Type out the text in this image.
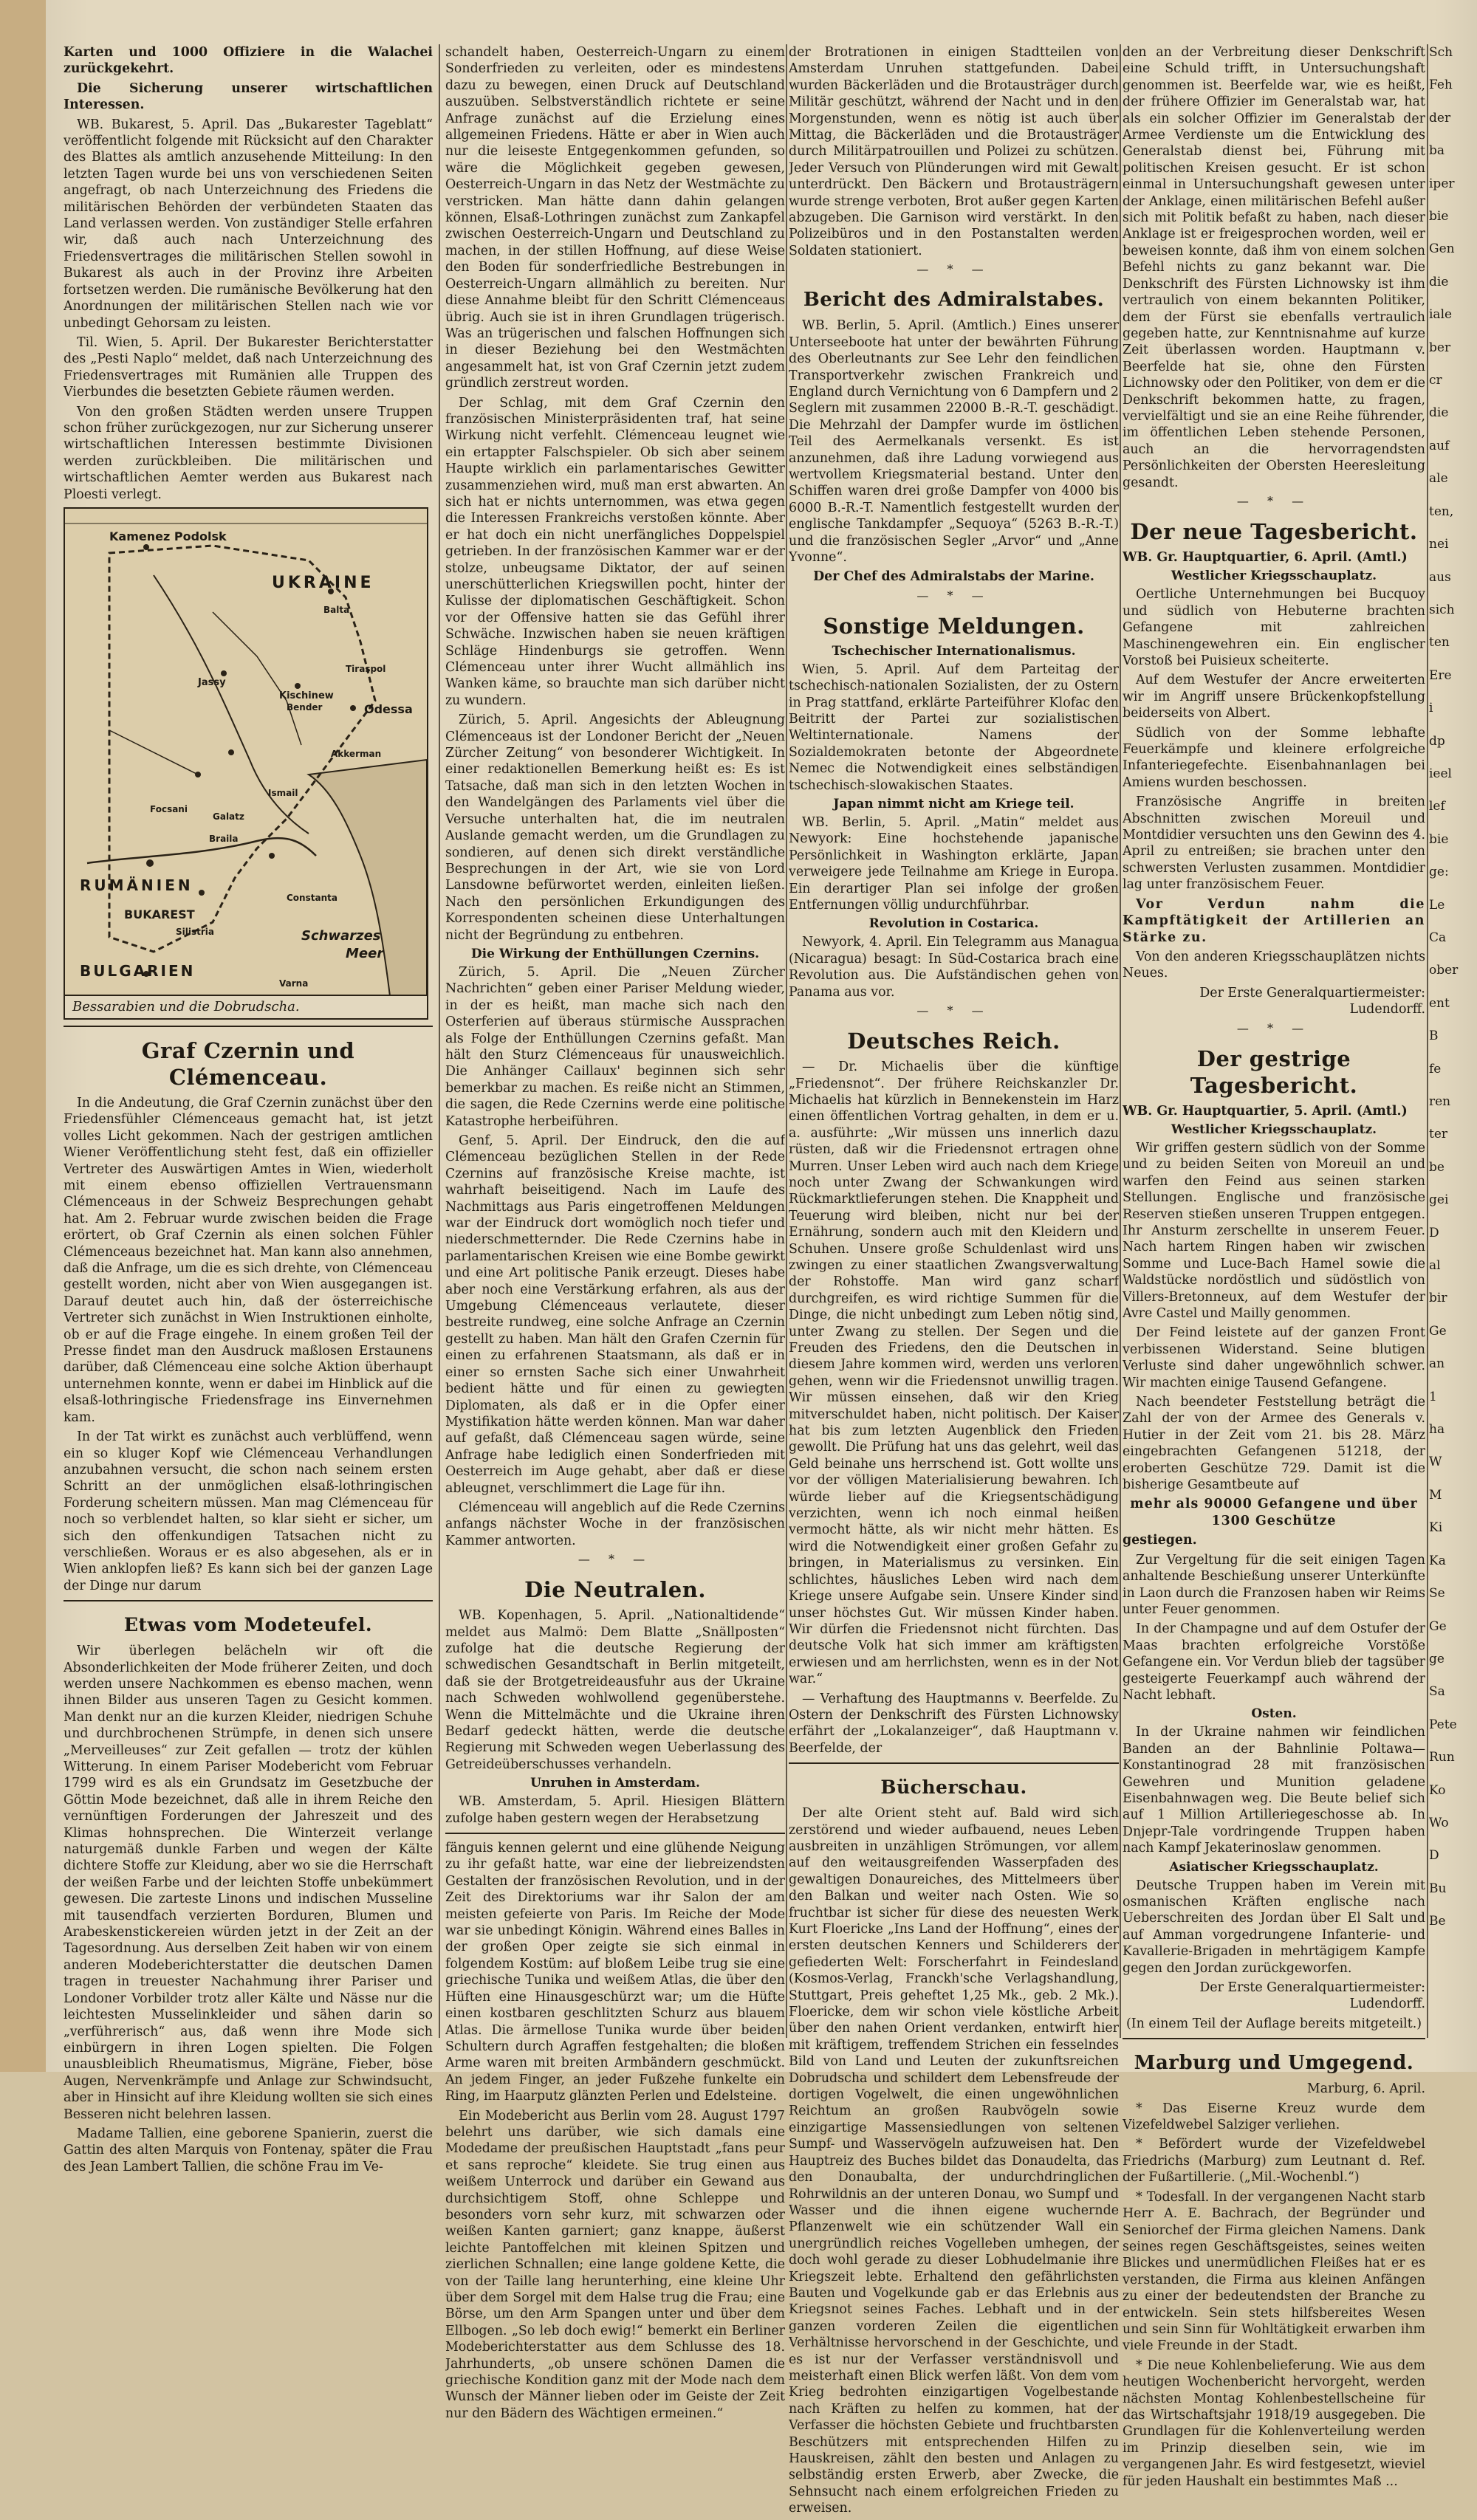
Karten und 1000 Offiziere in die Walachei zurückgekehrt.

Die Sicherung unserer wirtschaftlichen Interessen.

WB. Bukarest, 5. April. Das „Bukarester Tageblatt“ veröffentlicht folgende mit Rücksicht auf den Charakter des Blattes als amtlich anzusehende Mitteilung: In den letzten Tagen wurde bei uns von verschiedenen Seiten angefragt, ob nach Unterzeichnung des Friedens die militärischen Behörden der verbündeten Staaten das Land verlassen werden. Von zuständiger Stelle erfahren wir, daß auch nach Unterzeichnung des Friedensvertrages die militärischen Stellen sowohl in Bukarest als auch in der Provinz ihre Arbeiten fortsetzen werden. Die rumänische Bevölkerung hat den Anordnungen der militärischen Stellen nach wie vor unbedingt Gehorsam zu leisten.

Til. Wien, 5. April. Der Bukarester Berichterstatter des „Pesti Naplo“ meldet, daß nach Unterzeichnung des Friedensvertrages mit Rumänien alle Truppen des Vierbundes die besetzten Gebiete räumen werden.

Von den großen Städten werden unsere Truppen schon früher zurückgezogen, nur zur Sicherung unserer wirtschaftlichen Interessen bestimmte Divisionen werden zurückbleiben. Die militärischen und wirtschaftlichen Aemter werden aus Bukarest nach Ploesti verlegt.

Kamenez Podolsk
UKRAINE
Balta
Jassy
Kischinew
Bender
Tiraspol
Odessa
Akkerman
Ismail
Galatz
Braila
Focsani
RUMÄNIEN
BUKAREST
Constanta
Silistria	Schwarzes
Meer
BULGARIEN
Varna
Bessarabien und die Dobrudscha.
Graf Czernin und Clémenceau.

In die Andeutung, die Graf Czernin zunächst über den Friedensfühler Clémenceaus gemacht hat, ist jetzt volles Licht gekommen. Nach der gestrigen amtlichen Wiener Veröffentlichung steht fest, daß ein offizieller Vertreter des Auswärtigen Amtes in Wien, wiederholt mit einem ebenso offiziellen Vertrauensmann Clémenceaus in der Schweiz Besprechungen gehabt hat. Am 2. Februar wurde zwischen beiden die Frage erörtert, ob Graf Czernin als einen solchen Fühler Clémenceaus bezeichnet hat. Man kann also annehmen, daß die Anfrage, um die es sich drehte, von Clémenceau gestellt worden, nicht aber von Wien ausgegangen ist. Darauf deutet auch hin, daß der österreichische Vertreter sich zunächst in Wien Instruktionen einholte, ob er auf die Frage eingehe. In einem großen Teil der Presse findet man den Ausdruck maßlosen Erstaunens darüber, daß Clémenceau eine solche Aktion überhaupt unternehmen konnte, wenn er dabei im Hinblick auf die elsaß-lothringische Friedensfrage ins Einvernehmen kam.

In der Tat wirkt es zunächst auch verblüffend, wenn ein so kluger Kopf wie Clémenceau Verhandlungen anzubahnen versucht, die schon nach seinem ersten Schritt an der unmöglichen elsaß-lothringischen Forderung scheitern müssen. Man mag Clémenceau für noch so verblendet halten, so klar sieht er sicher, um sich den offenkundigen Tatsachen nicht zu verschließen. Woraus er es also abgesehen, als er in Wien anklopfen ließ? Es kann sich bei der ganzen Lage der Dinge nur darum

Etwas vom Modeteufel.

Wir überlegen belächeln wir oft die Absonderlichkeiten der Mode früherer Zeiten, und doch werden unsere Nachkommen es ebenso machen, wenn ihnen Bilder aus unseren Tagen zu Gesicht kommen. Man denkt nur an die kurzen Kleider, niedrigen Schuhe und durchbrochenen Strümpfe, in denen sich unsere „Merveilleuses“ zur Zeit gefallen — trotz der kühlen Witterung. In einem Pariser Modebericht vom Februar 1799 wird es als ein Grundsatz im Gesetzbuche der Göttin Mode bezeichnet, daß alle in ihrem Reiche den vernünftigen Forderungen der Jahreszeit und des Klimas hohnsprechen. Die Winterzeit verlange naturgemäß dunkle Farben und wegen der Kälte dichtere Stoffe zur Kleidung, aber wo sie die Herrschaft der weißen Farbe und der leichten Stoffe unbekümmert gewesen. Die zarteste Linons und indischen Musseline mit tausendfach verzierten Borduren, Blumen und Arabeskenstickereien würden jetzt in der Zeit an der Tagesordnung. Aus derselben Zeit haben wir von einem anderen Modeberichterstatter die deutschen Damen tragen in treuester Nachahmung ihrer Pariser und Londoner Vorbilder trotz aller Kälte und Nässe nur die leichtesten Musselinkleider und sähen darin so „verführerisch“ aus, daß wenn ihre Mode sich einbürgern in ihren Logen spielten. Die Folgen unausbleiblich Rheumatismus, Migräne, Fieber, böse Augen, Nervenkrämpfe und Anlage zur Schwindsucht, aber in Hinsicht auf ihre Kleidung wollten sie sich eines Besseren nicht belehren lassen.

Madame Tallien, eine geborene Spanierin, zuerst die Gattin des alten Marquis von Fontenay, später die Frau des Jean Lambert Tallien, die schöne Frau im Ve-

schandelt haben, Oesterreich-Ungarn zu einem Sonderfrieden zu verleiten, oder es mindestens dazu zu bewegen, einen Druck auf Deutschland auszuüben. Selbstverständlich richtete er seine Anfrage zunächst auf die Erzielung eines allgemeinen Friedens. Hätte er aber in Wien auch nur die leiseste Entgegenkommen gefunden, so wäre die Möglichkeit gegeben gewesen, Oesterreich-Ungarn in das Netz der Westmächte zu verstricken. Man hätte dann dahin gelangen können, Elsaß-Lothringen zunächst zum Zankapfel zwischen Oesterreich-Ungarn und Deutschland zu machen, in der stillen Hoffnung, auf diese Weise den Boden für sonderfriedliche Bestrebungen in Oesterreich-Ungarn allmählich zu bereiten. Nur diese Annahme bleibt für den Schritt Clémenceaus übrig. Auch sie ist in ihren Grundlagen trügerisch. Was an trügerischen und falschen Hoffnungen sich in dieser Beziehung bei den Westmächten angesammelt hat, ist von Graf Czernin jetzt zudem gründlich zerstreut worden.

Der Schlag, mit dem Graf Czernin den französischen Ministerpräsidenten traf, hat seine Wirkung nicht verfehlt. Clémenceau leugnet wie ein ertappter Falschspieler. Ob sich aber seinem Haupte wirklich ein parlamentarisches Gewitter zusammenziehen wird, muß man erst abwarten. An sich hat er nichts unternommen, was etwa gegen die Interessen Frankreichs verstoßen könnte. Aber er hat doch ein nicht unerfängliches Doppelspiel getrieben. In der französischen Kammer war er der stolze, unbeugsame Diktator, der auf seinen unerschütterlichen Kriegswillen pocht, hinter der Kulisse der diplomatischen Geschäftigkeit. Schon vor der Offensive hatten sie das Gefühl ihrer Schwäche. Inzwischen haben sie neuen kräftigen Schläge Hindenburgs sie getroffen. Wenn Clémenceau unter ihrer Wucht allmählich ins Wanken käme, so brauchte man sich darüber nicht zu wundern.

Zürich, 5. April. Angesichts der Ableugnung Clémenceaus ist der Londoner Bericht der „Neuen Zürcher Zeitung“ von besonderer Wichtigkeit. In einer redaktionellen Bemerkung heißt es: Es ist Tatsache, daß man sich in den letzten Wochen in den Wandelgängen des Parlaments viel über die Versuche unterhalten hat, die im neutralen Auslande gemacht werden, um die Grundlagen zu sondieren, auf denen sich direkt verständliche Besprechungen in der Art, wie sie von Lord Lansdowne befürwortet werden, einleiten ließen. Nach den persönlichen Erkundigungen des Korrespondenten scheinen diese Unterhaltungen nicht der Begründung zu entbehren.

Die Wirkung der Enthüllungen Czernins.

Zürich, 5. April. Die „Neuen Zürcher Nachrichten“ geben einer Pariser Meldung wieder, in der es heißt, man mache sich nach den Osterferien auf überaus stürmische Aussprachen als Folge der Enthüllungen Czernins gefaßt. Man hält den Sturz Clémenceaus für unausweichlich. Die Anhänger Caillaux' beginnen sich sehr bemerkbar zu machen. Es reiße nicht an Stimmen, die sagen, die Rede Czernins werde eine politische Katastrophe herbeiführen.

Genf, 5. April. Der Eindruck, den die auf Clémenceau bezüglichen Stellen in der Rede Czernins auf französische Kreise machte, ist wahrhaft beiseitigend. Nach im Laufe des Nachmittags aus Paris eingetroffenen Meldungen war der Eindruck dort womöglich noch tiefer und niederschmetternder. Die Rede Czernins habe in parlamentarischen Kreisen wie eine Bombe gewirkt und eine Art politische Panik erzeugt. Dieses habe aber noch eine Verstärkung erfahren, als aus der Umgebung Clémenceaus verlautete, dieser bestreite rundweg, eine solche Anfrage an Czernin gestellt zu haben. Man hält den Grafen Czernin für einen zu erfahrenen Staatsmann, als daß er in einer so ernsten Sache sich einer Unwahrheit bedient hätte und für einen zu gewiegten Diplomaten, als daß er in die Opfer einer Mystifikation hätte werden können. Man war daher auf gefaßt, daß Clémenceau sagen würde, seine Anfrage habe lediglich einen Sonderfrieden mit Oesterreich im Auge gehabt, aber daß er diese ableugnet, verschlimmert die Lage für ihn.

Clémenceau will angeblich auf die Rede Czernins anfangs nächster Woche in der französischen Kammer antworten.

— * —
Die Neutralen.

WB. Kopenhagen, 5. April. „Nationaltidende“ meldet aus Malmö: Dem Blatte „Snällposten“ zufolge hat die deutsche Regierung der schwedischen Gesandtschaft in Berlin mitgeteilt, daß sie der Brotgetreideausfuhr aus der Ukraine nach Schweden wohlwollend gegenüberstehe. Wenn die Mittelmächte und die Ukraine ihren Bedarf gedeckt hätten, werde die deutsche Regierung mit Schweden wegen Ueberlassung des Getreideüberschusses verhandeln.

Unruhen in Amsterdam.

WB. Amsterdam, 5. April. Hiesigen Blättern zufolge haben gestern wegen der Herabsetzung

fänguis kennen gelernt und eine glühende Neigung zu ihr gefaßt hatte, war eine der liebreizendsten Gestalten der französischen Revolution, und in der Zeit des Direktoriums war ihr Salon der am meisten gefeierte von Paris. Im Reiche der Mode war sie unbedingt Königin. Während eines Balles in der großen Oper zeigte sie sich einmal in folgendem Kostüm: auf bloßem Leibe trug sie eine griechische Tunika und weißem Atlas, die über den Hüften eine Hinausgeschürzt war; um die Hüfte einen kostbaren geschlitzten Schurz aus blauem Atlas. Die ärmellose Tunika wurde über beiden Schultern durch Agraffen festgehalten; die bloßen Arme waren mit breiten Armbändern geschmückt. An jedem Finger, an jeder Fußzehe funkelte ein Ring, im Haarputz glänzten Perlen und Edelsteine.

Ein Modebericht aus Berlin vom 28. August 1797 belehrt uns darüber, wie sich damals eine Modedame der preußischen Hauptstadt „fans peur et sans reproche“ kleidete. Sie trug einen aus weißem Unterrock und darüber ein Gewand aus durchsichtigem Stoff, ohne Schleppe und besonders vorn sehr kurz, mit schwarzen oder weißen Kanten garniert; ganz knappe, äußerst leichte Pantoffelchen mit kleinen Spitzen und zierlichen Schnallen; eine lange goldene Kette, die von der Taille lang herunterhing, eine kleine Uhr über dem Sorgel mit dem Halse trug die Frau; eine Börse, um den Arm Spangen unter und über dem Ellbogen. „So leb doch ewig!“ bemerkt ein Berliner Modeberichterstatter aus dem Schlusse des 18. Jahrhunderts, „ob unsere schönen Damen die griechische Kondition ganz mit der Mode nach dem Wunsch der Männer lieben oder im Geiste der Zeit nur den Bädern des Wächtigen ermeinen.“

der Brotrationen in einigen Stadtteilen von Amsterdam Unruhen stattgefunden. Dabei wurden Bäckerläden und die Brotausträger durch Militär geschützt, während der Nacht und in den Morgenstunden, wenn es nötig ist auch über Mittag, die Bäckerläden und die Brotausträger durch Militärpatrouillen und Polizei zu schützen. Jeder Versuch von Plünderungen wird mit Gewalt unterdrückt. Den Bäckern und Brotausträgern wurde strenge verboten, Brot außer gegen Karten abzugeben. Die Garnison wird verstärkt. In den Polizeibüros und in den Postanstalten werden Soldaten stationiert.

— * —
Bericht des Admiralstabes.

WB. Berlin, 5. April. (Amtlich.) Eines unserer Unterseeboote hat unter der bewährten Führung des Oberleutnants zur See Lehr den feindlichen Transportverkehr zwischen Frankreich und England durch Vernichtung von 6 Dampfern und 2 Seglern mit zusammen 22000 B.-R.-T. geschädigt. Die Mehrzahl der Dampfer wurde im östlichen Teil des Aermelkanals versenkt. Es ist anzunehmen, daß ihre Ladung vorwiegend aus wertvollem Kriegsmaterial bestand. Unter den Schiffen waren drei große Dampfer von 4000 bis 6000 B.-R.-T. Namentlich festgestellt wurden der englische Tankdampfer „Sequoya“ (5263 B.-R.-T.) und die französischen Segler „Arvor“ und „Anne Yvonne“.

Der Chef des Admiralstabs der Marine.

— * —
Sonstige Meldungen.
Tschechischer Internationalismus.

Wien, 5. April. Auf dem Parteitag der tschechisch-nationalen Sozialisten, der zu Ostern in Prag stattfand, erklärte Parteiführer Klofac den Beitritt der Partei zur sozialistischen Weltinternationale. Namens der Sozialdemokraten betonte der Abgeordnete Nemec die Notwendigkeit eines selbständigen tschechisch-slowakischen Staates.

Japan nimmt nicht am Kriege teil.

WB. Berlin, 5. April. „Matin“ meldet aus Newyork: Eine hochstehende japanische Persönlichkeit in Washington erklärte, Japan verweigere jede Teilnahme am Kriege in Europa. Ein derartiger Plan sei infolge der großen Entfernungen völlig undurchführbar.

Revolution in Costarica.

Newyork, 4. April. Ein Telegramm aus Managua (Nicaragua) besagt: In Süd-Costarica brach eine Revolution aus. Die Aufständischen gehen von Panama aus vor.

— * —
Deutsches Reich.

— Dr. Michaelis über die künftige „Friedensnot“. Der frühere Reichskanzler Dr. Michaelis hat kürzlich in Bennekenstein im Harz einen öffentlichen Vortrag gehalten, in dem er u. a. ausführte: „Wir müssen uns innerlich dazu rüsten, daß wir die Friedensnot ertragen ohne Murren. Unser Leben wird auch nach dem Kriege noch unter Zwang der Schwankungen wird Rückmarktlieferungen stehen. Die Knappheit und Teuerung wird bleiben, nicht nur bei der Ernährung, sondern auch mit den Kleidern und Schuhen. Unsere große Schuldenlast wird uns zwingen zu einer staatlichen Zwangsverwaltung der Rohstoffe. Man wird ganz scharf durchgreifen, es wird richtige Summen für die Dinge, die nicht unbedingt zum Leben nötig sind, unter Zwang zu stellen. Der Segen und die Freuden des Friedens, den die Deutschen in diesem Jahre kommen wird, werden uns verloren gehen, wenn wir die Friedensnot unwillig tragen. Wir müssen einsehen, daß wir den Krieg mitverschuldet haben, nicht politisch. Der Kaiser hat bis zum letzten Augenblick den Frieden gewollt. Die Prüfung hat uns das gelehrt, weil das Geld beinahe uns herrschend ist. Gott wollte uns vor der völligen Materialisierung bewahren. Ich würde lieber auf die Kriegsentschädigung verzichten, wenn ich noch einmal heißen vermocht hätte, als wir nicht mehr hätten. Es wird die Notwendigkeit einer großen Gefahr zu bringen, in Materialismus zu versinken. Ein schlichtes, häusliches Leben wird nach dem Kriege unsere Aufgabe sein. Unsere Kinder sind unser höchstes Gut. Wir müssen Kinder haben. Wir dürfen die Friedensnot nicht fürchten. Das deutsche Volk hat sich immer am kräftigsten erwiesen und am herrlichsten, wenn es in der Not war.“

— Verhaftung des Hauptmanns v. Beerfelde. Zu Ostern der Denkschrift des Fürsten Lichnowsky erfährt der „Lokalanzeiger“, daß Hauptmann v. Beerfelde, der

Bücherschau.

Der alte Orient steht auf. Bald wird sich zerstörend und wieder aufbauend, neues Leben ausbreiten in unzähligen Strömungen, vor allem auf den weitausgreifenden Wasserpfaden des gewaltigen Donaureiches, des Mittelmeers über den Balkan und weiter nach Osten. Wie so fruchtbar ist sicher für diese des neuesten Werk Kurt Floericke „Ins Land der Hoffnung“, eines der ersten deutschen Kenners und Schilderers der gefiederten Welt: Forscherfahrt in Feindesland (Kosmos-Verlag, Franckh'sche Verlagshandlung, Stuttgart, Preis geheftet 1,25 Mk., geb. 2 Mk.). Floericke, dem wir schon viele köstliche Arbeit über den nahen Orient verdanken, entwirft hier mit kräftigem, treffendem Strichen ein fesselndes Bild von Land und Leuten der zukunftsreichen Dobrudscha und schildert dem Lebensfreude der dortigen Vogelwelt, die einen ungewöhnlichen Reichtum an großen Raubvögeln sowie einzigartige Massensiedlungen von seltenen Sumpf- und Wasservögeln aufzuweisen hat. Den Hauptreiz des Buches bildet das Donaudelta, das den Donaubalta, der undurchdringlichen Rohrwildnis an der unteren Donau, wo Sumpf und Wasser und die ihnen eigene wuchernde Pflanzenwelt wie ein schützender Wall ein unergründlich reiches Vogelleben umhegen, der doch wohl gerade zu dieser Lobhudelmanie ihre Kriegszeit lebte. Erhaltend den gefährlichsten Bauten und Vogelkunde gab er das Erlebnis aus Kriegsnot seines Faches. Lebhaft und in der ganzen vorderen Zeilen die eigentlichen Verhältnisse hervorschend in der Geschichte, und es ist nur der Verfasser verständnisvoll und meisterhaft einen Blick werfen läßt. Von dem vom Krieg bedrohten einzigartigen Vogelbestande nach Kräften zu helfen zu kommen, hat der Verfasser die höchsten Gebiete und fruchtbarsten Beschützers mit entsprechenden Hilfen zu Hauskreisen, zählt den besten und Anlagen zu selbständig ersten Erwerb, aber Zwecke, die Sehnsucht nach einem erfolgreichen Frieden zu erweisen.

den an der Verbreitung dieser Denkschrift eine Schuld trifft, in Untersuchungshaft genommen ist. Beerfelde war, wie es heißt, der frühere Offizier im Generalstab war, hat als ein solcher Offizier im Generalstab der Armee Verdienste um die Entwicklung des Generalstab dienst bei, Führung mit politischen Kreisen gesucht. Er ist schon einmal in Untersuchungshaft gewesen unter der Anklage, einen militärischen Befehl außer sich mit Politik befaßt zu haben, nach dieser Anklage ist er freigesprochen worden, weil er beweisen konnte, daß ihm von einem solchen Befehl nichts zu ganz bekannt war. Die Denkschrift des Fürsten Lichnowsky ist ihm vertraulich von einem bekannten Politiker, dem der Fürst sie ebenfalls vertraulich gegeben hatte, zur Kenntnisnahme auf kurze Zeit überlassen worden. Hauptmann v. Beerfelde hat sie, ohne den Fürsten Lichnowsky oder den Politiker, von dem er die Denkschrift bekommen hatte, zu fragen, vervielfältigt und sie an eine Reihe führender, im öffentlichen Leben stehende Personen, auch an die hervorragendsten Persönlichkeiten der Obersten Heeresleitung gesandt.

— * —
Der neue Tagesbericht.

WB. Gr. Hauptquartier, 6. April. (Amtl.)

Westlicher Kriegsschauplatz.

Oertliche Unternehmungen bei Bucquoy und südlich von Hebuterne brachten Gefangene mit zahlreichen Maschinengewehren ein. Ein englischer Vorstoß bei Puisieux scheiterte.

Auf dem Westufer der Ancre erweiterten wir im Angriff unsere Brückenkopfstellung beiderseits von Albert.

Südlich von der Somme lebhafte Feuerkämpfe und kleinere erfolgreiche Infanteriegefechte. Eisenbahnanlagen bei Amiens wurden beschossen.

Französische Angriffe in breiten Abschnitten zwischen Moreuil und Montdidier versuchten uns den Gewinn des 4. April zu entreißen; sie brachen unter den schwersten Verlusten zusammen. Montdidier lag unter französischem Feuer.

Vor Verdun nahm die Kampftätigkeit der Artillerien an Stärke zu.

Von den anderen Kriegsschauplätzen nichts Neues.

Der Erste Generalquartiermeister: Ludendorff.

— * —
Der gestrige Tagesbericht.

WB. Gr. Hauptquartier, 5. April. (Amtl.)

Westlicher Kriegsschauplatz.

Wir griffen gestern südlich von der Somme und zu beiden Seiten von Moreuil an und warfen den Feind aus seinen starken Stellungen. Englische und französische Reserven stießen unseren Truppen entgegen. Ihr Ansturm zerschellte in unserem Feuer. Nach hartem Ringen haben wir zwischen Somme und Luce-Bach Hamel sowie die Waldstücke nordöstlich und südöstlich von Villers-Bretonneux, auf dem Westufer der Avre Castel und Mailly genommen.

Der Feind leistete auf der ganzen Front verbissenen Widerstand. Seine blutigen Verluste sind daher ungewöhnlich schwer. Wir machten einige Tausend Gefangene.

Nach beendeter Feststellung beträgt die Zahl der von der Armee des Generals v. Hutier in der Zeit vom 21. bis 28. März eingebrachten Gefangenen 51218, der eroberten Geschütze 729. Damit ist die bisherige Gesamtbeute auf

mehr als 90000 Gefangene und über 1300 Geschütze

gestiegen.

Zur Vergeltung für die seit einigen Tagen anhaltende Beschießung unserer Unterkünfte in Laon durch die Franzosen haben wir Reims unter Feuer genommen.

In der Champagne und auf dem Ostufer der Maas brachten erfolgreiche Vorstöße Gefangene ein. Vor Verdun blieb der tagsüber gesteigerte Feuerkampf auch während der Nacht lebhaft.

Osten.

In der Ukraine nahmen wir feindlichen Banden an der Bahnlinie Poltawa—Konstantinograd 28 mit französischen Gewehren und Munition geladene Eisenbahnwagen weg. Die Beute belief sich auf 1 Million Artilleriegeschosse ab. In Dnjepr-Tale vordringende Truppen haben nach Kampf Jekaterinoslaw genommen.

Asiatischer Kriegsschauplatz.

Deutsche Truppen haben im Verein mit osmanischen Kräften englische nach Ueberschreiten des Jordan über El Salt und auf Amman vorgedrungene Infanterie- und Kavallerie-Brigaden in mehrtägigem Kampfe gegen den Jordan zurückgeworfen.

Der Erste Generalquartiermeister: Ludendorff.

(In einem Teil der Auflage bereits mitgeteilt.)

Marburg und Umgegend.

Marburg, 6. April.

* Das Eiserne Kreuz wurde dem Vizefeldwebel Salziger verliehen.

* Befördert wurde der Vizefeldwebel Friedrichs (Marburg) zum Leutnant d. Ref. der Fußartillerie. („Mil.-Wochenbl.“)

* Todesfall. In der vergangenen Nacht starb Herr A. E. Bachrach, der Begründer und Seniorchef der Firma gleichen Namens. Dank seines regen Geschäftsgeistes, seines weiten Blickes und unermüdlichen Fleißes hat er es verstanden, die Firma aus kleinen Anfängen zu einer der bedeutendsten der Branche zu entwickeln. Sein stets hilfsbereites Wesen und sein Sinn für Wohltätigkeit erwarben ihm viele Freunde in der Stadt.

* Die neue Kohlenbelieferung. Wie aus dem heutigen Wochenbericht hervorgeht, werden nächsten Montag Kohlenbestellscheine für das Wirtschaftsjahr 1918/19 ausgegeben. Die Grundlagen für die Kohlenverteilung werden im Prinzip dieselben sein, wie im vergangenen Jahr. Es wird festgesetzt, wieviel für jeden Haushalt ein bestimmtes Maß ...

Sch

Feh

der

ba

iper

bie

Gen

die

iale

ber

cr

die

auf

ale

ten,

nei

aus

sich

ten

Ere

i

dp

ieel

lef

bie

ge:

Le

Ca

ober

ent

B

fe

ren

ter

be

gei

D

al

bir

Ge

an

1

ha

W

M

Ki

Ka

Se

Ge

ge

Sa

Pete

Run

Ko

Wo

D

Bu

Be
